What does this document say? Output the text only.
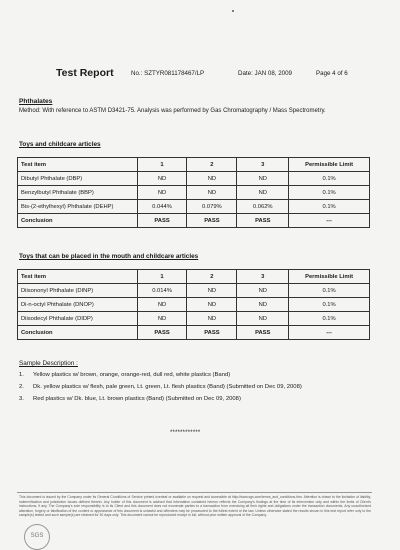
Test Report	No.: SZTYR081178467/LP	Date: JAN 08, 2009	Page 4 of 6
Phthalates
Method: With reference to ASTM D3421-75. Analysis was performed by Gas Chromatography / Mass Spectrometry.
Toys and childcare articles
Test item	1	2	3	Permissible Limit
Dibutyl Phthalate (DBP)	ND	ND	ND	0.1%
Benzylbutyl Phthalate (BBP)	ND	ND	ND	0.1%
Bis-(2-ethylhexyl) Phthalate (DEHP)	0.044%	0.079%	0.062%	0.1%
Conclusion	PASS	PASS	PASS	---
Toys that can be placed in the mouth and childcare articles
Test item	1	2	3	Permissible Limit
Diisononyl Phthalate (DINP)	0.014%	ND	ND	0.1%
Di-n-octyl Phthalate (DNOP)	ND	ND	ND	0.1%
Diisodecyl Phthalate (DIDP)	ND	ND	ND	0.1%
Conclusion	PASS	PASS	PASS	---
Sample Description :
1. Yellow plastics w/ brown, orange, orange-red, dull red, white plastics (Band)
2. Dk. yellow plastics w/ flesh, pale green, Lt. green, Lt. flesh plastics (Band) (Submitted on Dec 09, 2008)
3. Red plastics w/ Dk. blue, Lt. brown plastics (Band) (Submitted on Dec 09, 2008)
************
This document is issued by the Company under its General Conditions of Service printed overleaf or available on request and accessible at http://www.sgs.com/terms_and_conditions.htm. Attention is drawn to the limitation of liability, indemnification and jurisdiction issues defined therein. Any holder of this document is advised that information contained hereon reflects the Company's findings at the time of its intervention only and within the limits of Client's instructions, if any. The Company's sole responsibility is to its Client and this document does not exonerate parties to a transaction from exercising all their rights and obligations under the transaction documents. Any unauthorized alteration, forgery or falsification of the content or appearance of this document is unlawful and offenders may be prosecuted to the fullest extent of the law. Unless otherwise stated the results shown in this test report refer only to the sample(s) tested and such sample(s) are retained for 30 days only. This document cannot be reproduced except in full, without prior written approval of the Company.
SGS
